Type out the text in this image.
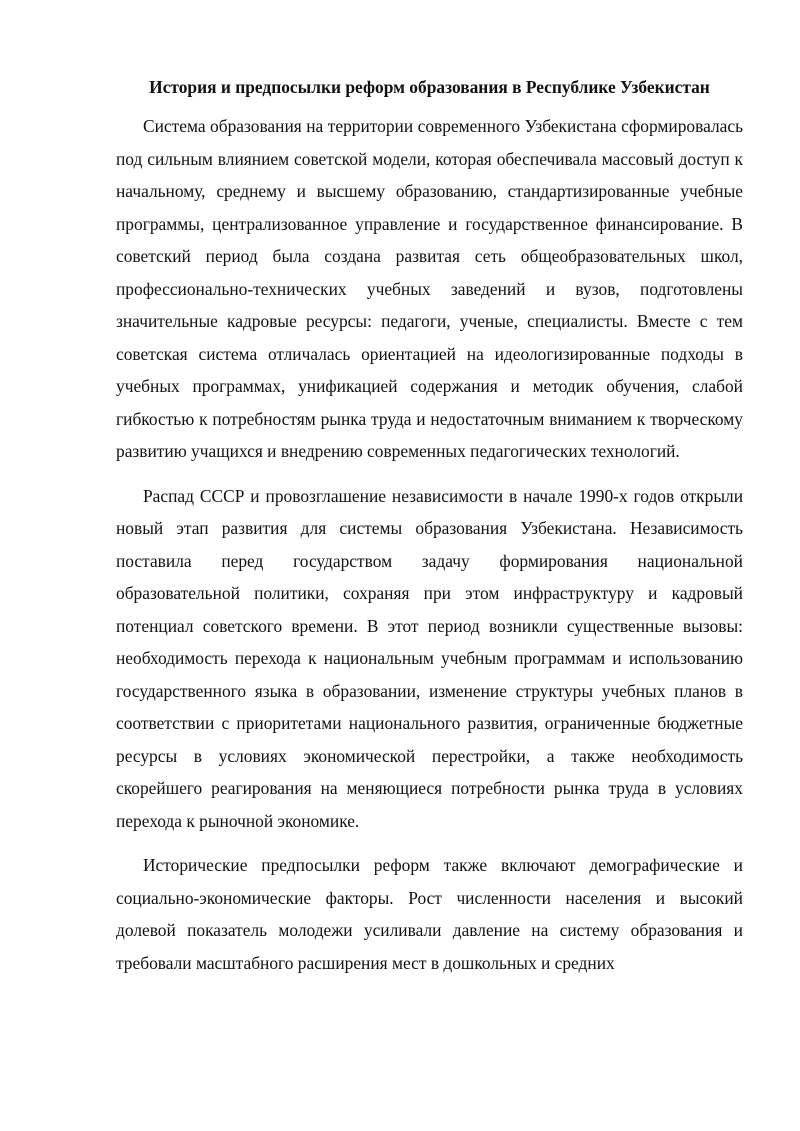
История и предпосылки реформ образования в Республике Узбекистан

Система образования на территории современного Узбекистана сформировалась под сильным влиянием советской модели, которая обеспечивала массовый доступ к начальному, среднему и высшему образованию, стандартизированные учебные программы, централизованное управление и государственное финансирование. В советский период была создана развитая сеть общеобразовательных школ, профессионально-технических учебных заведений и вузов, подготовлены значительные кадровые ресурсы: педагоги, ученые, специалисты. Вместе с тем советская система отличалась ориентацией на идеологизированные подходы в учебных программах, унификацией содержания и методик обучения, слабой гибкостью к потребностям рынка труда и недостаточным вниманием к творческому развитию учащихся и внедрению современных педагогических технологий.

Распад СССР и провозглашение независимости в начале 1990-х годов открыли новый этап развития для системы образования Узбекистана. Независимость поставила перед государством задачу формирования национальной образовательной политики, сохраняя при этом инфраструктуру и кадровый потенциал советского времени. В этот период возникли существенные вызовы: необходимость перехода к национальным учебным программам и использованию государственного языка в образовании, изменение структуры учебных планов в соответствии с приоритетами национального развития, ограниченные бюджетные ресурсы в условиях экономической перестройки, а также необходимость скорейшего реагирования на меняющиеся потребности рынка труда в условиях перехода к рыночной экономике.

Исторические предпосылки реформ также включают демографические и социально-экономические факторы. Рост численности населения и высокий долевой показатель молодежи усиливали давление на систему образования и требовали масштабного расширения мест в дошкольных и средних
